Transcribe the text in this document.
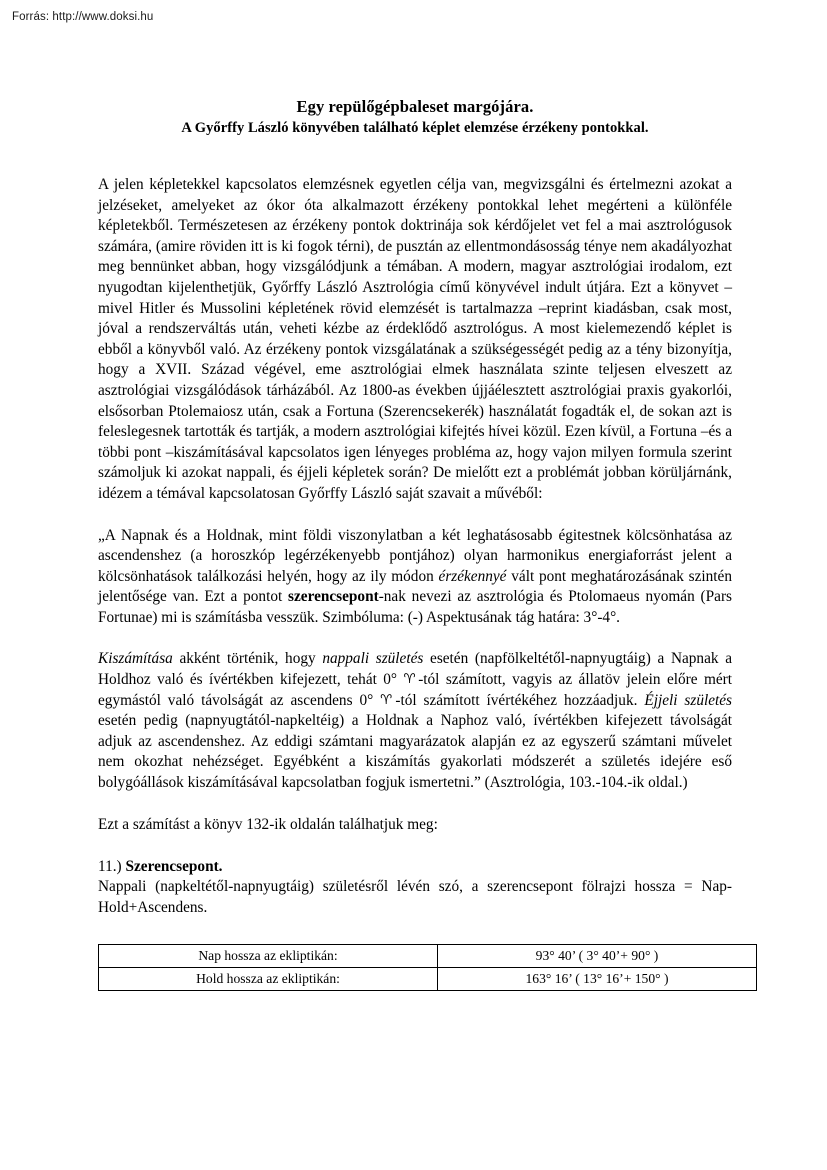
Forrás: http://www.doksi.hu
Egy repülőgépbaleset margójára.
A Győrffy László könyvében található képlet elemzése érzékeny pontokkal.

A jelen képletekkel kapcsolatos elemzésnek egyetlen célja van, megvizsgálni és értelmezni azokat a jelzéseket, amelyeket az ókor óta alkalmazott érzékeny pontokkal lehet megérteni a különféle képletekből. Természetesen az érzékeny pontok doktrinája sok kérdőjelet vet fel a mai asztrológusok számára, (amire röviden itt is ki fogok térni), de pusztán az ellentmondásosság ténye nem akadályozhat meg bennünket abban, hogy vizsgálódjunk a témában. A modern, magyar asztrológiai irodalom, ezt nyugodtan kijelenthetjük, Győrffy László Asztrológia című könyvével indult útjára. Ezt a könyvet –mivel Hitler és Mussolini képletének rövid elemzését is tartalmazza –reprint kiadásban, csak most, jóval a rendszerváltás után, veheti kézbe az érdeklődő asztrológus. A most kielemezendő képlet is ebből a könyvből való. Az érzékeny pontok vizsgálatának a szükségességét pedig az a tény bizonyítja, hogy a XVII. Század végével, eme asztrológiai elmek használata szinte teljesen elveszett az asztrológiai vizsgálódások tárházából. Az 1800-as években újjáélesztett asztrológiai praxis gyakorlói, elsősorban Ptolemaiosz után, csak a Fortuna (Szerencsekerék) használatát fogadták el, de sokan azt is feleslegesnek tartották és tartják, a modern asztrológiai kifejtés hívei közül. Ezen kívül, a Fortuna –és a többi pont –kiszámításával kapcsolatos igen lényeges probléma az, hogy vajon milyen formula szerint számoljuk ki azokat nappali, és éjjeli képletek során? De mielőtt ezt a problémát jobban körüljárnánk, idézem a témával kapcsolatosan Győrffy László saját szavait a művéből:

„A Napnak és a Holdnak, mint földi viszonylatban a két leghatásosabb égitestnek kölcsönhatása az ascendenshez (a horoszkóp legérzékenyebb pontjához) olyan harmonikus energiaforrást jelent a kölcsönhatások találkozási helyén, hogy az ily módon érzékennyé vált pont meghatározásának szintén jelentősége van. Ezt a pontot szerencsepont-nak nevezi az asztrológia és Ptolomaeus nyomán (Pars Fortunae) mi is számításba vesszük. Szimbóluma: (-) Aspektusának tág határa: 3°-4°.

Kiszámítása akként történik, hogy nappali születés esetén (napfölkeltétől-napnyugtáig) a Napnak a Holdhoz való és ívértékben kifejezett, tehát 0° ♈-tól számított, vagyis az állatöv jelein előre mért egymástól való távolságát az ascendens 0° ♈-tól számított ívértékéhez hozzáadjuk. Éjjeli születés esetén pedig (napnyugtától-napkeltéig) a Holdnak a Naphoz való, ívértékben kifejezett távolságát adjuk az ascendenshez. Az eddigi számtani magyarázatok alapján ez az egyszerű számtani művelet nem okozhat nehézséget. Egyébként a kiszámítás gyakorlati módszerét a születés idejére eső bolygóállások kiszámításával kapcsolatban fogjuk ismertetni.” (Asztrológia, 103.-104.-ik oldal.)

Ezt a számítást a könyv 132-ik oldalán találhatjuk meg:

11.) Szerencsepont.

Nappali (napkeltétől-napnyugtáig) születésről lévén szó, a szerencsepont fölrajzi hossza = Nap-Hold+Ascendens.

Nap hossza az ekliptikán:	93° 40’ ( 3° 40’+ 90° )
Hold hossza az ekliptikán:	163° 16’ ( 13° 16’+ 150° )
